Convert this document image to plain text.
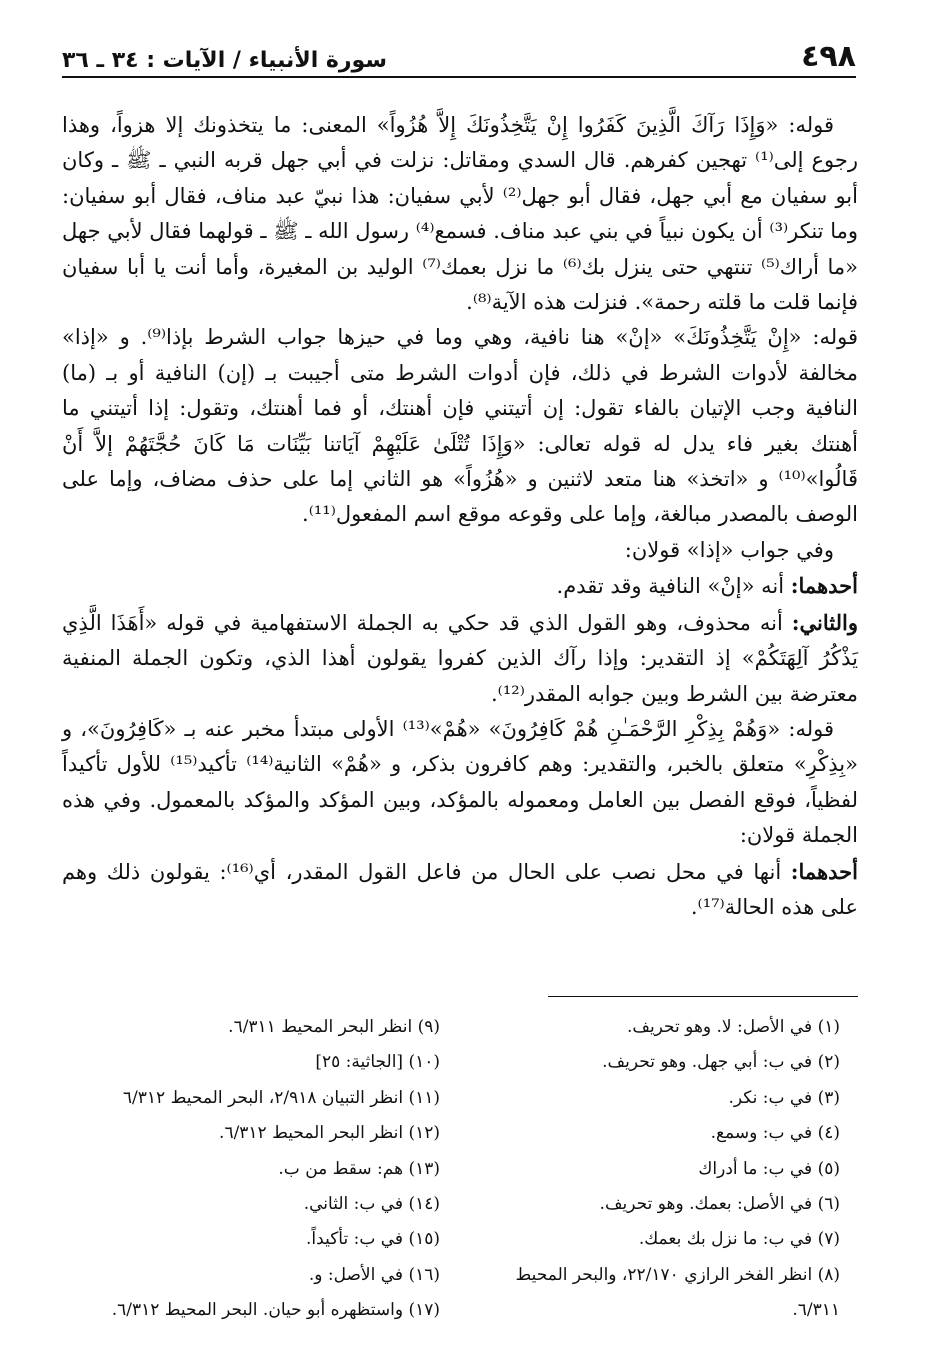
٤٩٨
سورة الأنبياء / الآيات : ٣٤ ـ ٣٦

قوله: «وَإِذَا رَآكَ الَّذِينَ كَفَرُوا إِنْ يَتَّخِذُونَكَ إِلاَّ هُزُواً» المعنى: ما يتخذونك إلا هزواً، وهذا رجوع إلى⁽¹⁾ تهجين كفرهم. قال السدي ومقاتل: نزلت في أبي جهل قربه النبي ـ ﷺ ـ وكان أبو سفيان مع أبي جهل، فقال أبو جهل⁽²⁾ لأبي سفيان: هذا نبيّ عبد مناف، فقال أبو سفيان: وما تنكر⁽³⁾ أن يكون نبياً في بني عبد مناف. فسمع⁽⁴⁾ رسول الله ـ ﷺ ـ قولهما فقال لأبي جهل «ما أراك⁽⁵⁾ تنتهي حتى ينزل بك⁽⁶⁾ ما نزل بعمك⁽⁷⁾ الوليد بن المغيرة، وأما أنت يا أبا سفيان فإنما قلت ما قلته رحمة». فنزلت هذه الآية⁽⁸⁾.

قوله: «إِنْ يَتَّخِذُونَكَ» «إنْ» هنا نافية، وهي وما في حيزها جواب الشرط بإذا⁽⁹⁾. و «إذا» مخالفة لأدوات الشرط في ذلك، فإن أدوات الشرط متى أجيبت بـ (إن) النافية أو بـ (ما) النافية وجب الإتيان بالفاء تقول: إن أتيتني فإن أهنتك، أو فما أهنتك، وتقول: إذا أتيتني ما أهنتك بغير فاء يدل له قوله تعالى: «وَإِذَا تُتْلَىٰ عَلَيْهِمْ آيَاتنا بَيِّنَات مَا كَانَ حُجَّتَهُمْ إلاَّ أَنْ قَالُوا»⁽¹⁰⁾ و «اتخذ» هنا متعد لاثنين و «هُزُواً» هو الثاني إما على حذف مضاف، وإما على الوصف بالمصدر مبالغة، وإما على وقوعه موقع اسم المفعول⁽¹¹⁾.

وفي جواب «إذا» قولان:

أحدهما: أنه «إنْ» النافية وقد تقدم.

والثاني: أنه محذوف، وهو القول الذي قد حكي به الجملة الاستفهامية في قوله «أَهَذَا الَّذِي يَذْكُرُ آلِهَتَكُمْ» إذ التقدير: وإذا رآك الذين كفروا يقولون أهذا الذي، وتكون الجملة المنفية معترضة بين الشرط وبين جوابه المقدر⁽¹²⁾.

قوله: «وَهُمْ بِذِكْرِ الرَّحْمَـٰنِ هُمْ كَافِرُونَ» «هُمْ»⁽¹³⁾ الأولى مبتدأ مخبر عنه بـ «كَافِرُونَ»، و «بِذِكْرِ» متعلق بالخبر، والتقدير: وهم كافرون بذكر، و «هُمْ» الثانية⁽¹⁴⁾ تأكيد⁽¹⁵⁾ للأول تأكيداً لفظياً، فوقع الفصل بين العامل ومعموله بالمؤكد، وبين المؤكد والمؤكد بالمعمول. وفي هذه الجملة قولان:

أحدهما: أنها في محل نصب على الحال من فاعل القول المقدر، أي⁽¹⁶⁾: يقولون ذلك وهم على هذه الحالة⁽¹⁷⁾.

(١) في الأصل: لا. وهو تحريف.
(٢) في ب: أبي جهل. وهو تحريف.
(٣) في ب: نكر.
(٤) في ب: وسمع.
(٥) في ب: ما أدراك
(٦) في الأصل: بعمك. وهو تحريف.
(٧) في ب: ما نزل بك بعمك.
(٨) انظر الفخر الرازي ٢٢/١٧٠، والبحر المحيط ٦/٣١١.
(٩) انظر البحر المحيط ٦/٣١١.
(١٠) [الجاثية: ٢٥]
(١١) انظر التبيان ٢/٩١٨، البحر المحيط ٦/٣١٢
(١٢) انظر البحر المحيط ٦/٣١٢.
(١٣) هم: سقط من ب.
(١٤) في ب: الثاني.
(١٥) في ب: تأكيداً.
(١٦) في الأصل: و.
(١٧) واستظهره أبو حيان. البحر المحيط ٦/٣١٢.
